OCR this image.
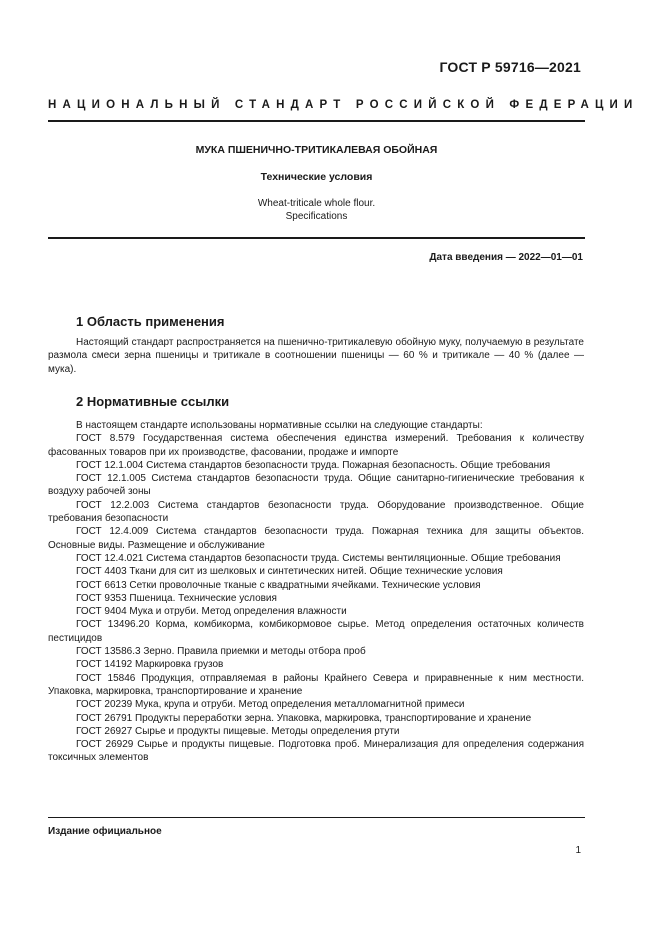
ГОСТ Р 59716—2021
НАЦИОНАЛЬНЫЙ СТАНДАРТ РОССИЙСКОЙ ФЕДЕРАЦИИ
МУКА ПШЕНИЧНО-ТРИТИКАЛЕВАЯ ОБОЙНАЯ
Технические условия
Wheat-triticale whole flour.
Specifications
Дата введения — 2022—01—01
1 Область применения

Настоящий стандарт распространяется на пшенично-тритикалевую обойную муку, получаемую в результате размола смеси зерна пшеницы и тритикале в соотношении пшеницы — 60 % и тритикале — 40 % (далее — мука).

2 Нормативные ссылки

В настоящем стандарте использованы нормативные ссылки на следующие стандарты:

ГОСТ 8.579 Государственная система обеспечения единства измерений. Требования к количеству фасованных товаров при их производстве, фасовании, продаже и импорте

ГОСТ 12.1.004 Система стандартов безопасности труда. Пожарная безопасность. Общие требования

ГОСТ 12.1.005 Система стандартов безопасности труда. Общие санитарно-гигиенические требования к воздуху рабочей зоны

ГОСТ 12.2.003 Система стандартов безопасности труда. Оборудование производственное. Общие требования безопасности

ГОСТ 12.4.009 Система стандартов безопасности труда. Пожарная техника для защиты объектов. Основные виды. Размещение и обслуживание

ГОСТ 12.4.021 Система стандартов безопасности труда. Системы вентиляционные. Общие требования

ГОСТ 4403 Ткани для сит из шелковых и синтетических нитей. Общие технические условия

ГОСТ 6613 Сетки проволочные тканые с квадратными ячейками. Технические условия

ГОСТ 9353 Пшеница. Технические условия

ГОСТ 9404 Мука и отруби. Метод определения влажности

ГОСТ 13496.20 Корма, комбикорма, комбикормовое сырье. Метод определения остаточных количеств пестицидов

ГОСТ 13586.3 Зерно. Правила приемки и методы отбора проб

ГОСТ 14192 Маркировка грузов

ГОСТ 15846 Продукция, отправляемая в районы Крайнего Севера и приравненные к ним местности. Упаковка, маркировка, транспортирование и хранение

ГОСТ 20239 Мука, крупа и отруби. Метод определения металломагнитной примеси

ГОСТ 26791 Продукты переработки зерна. Упаковка, маркировка, транспортирование и хранение

ГОСТ 26927 Сырье и продукты пищевые. Методы определения ртути

ГОСТ 26929 Сырье и продукты пищевые. Подготовка проб. Минерализация для определения содержания токсичных элементов

Издание официальное
1
